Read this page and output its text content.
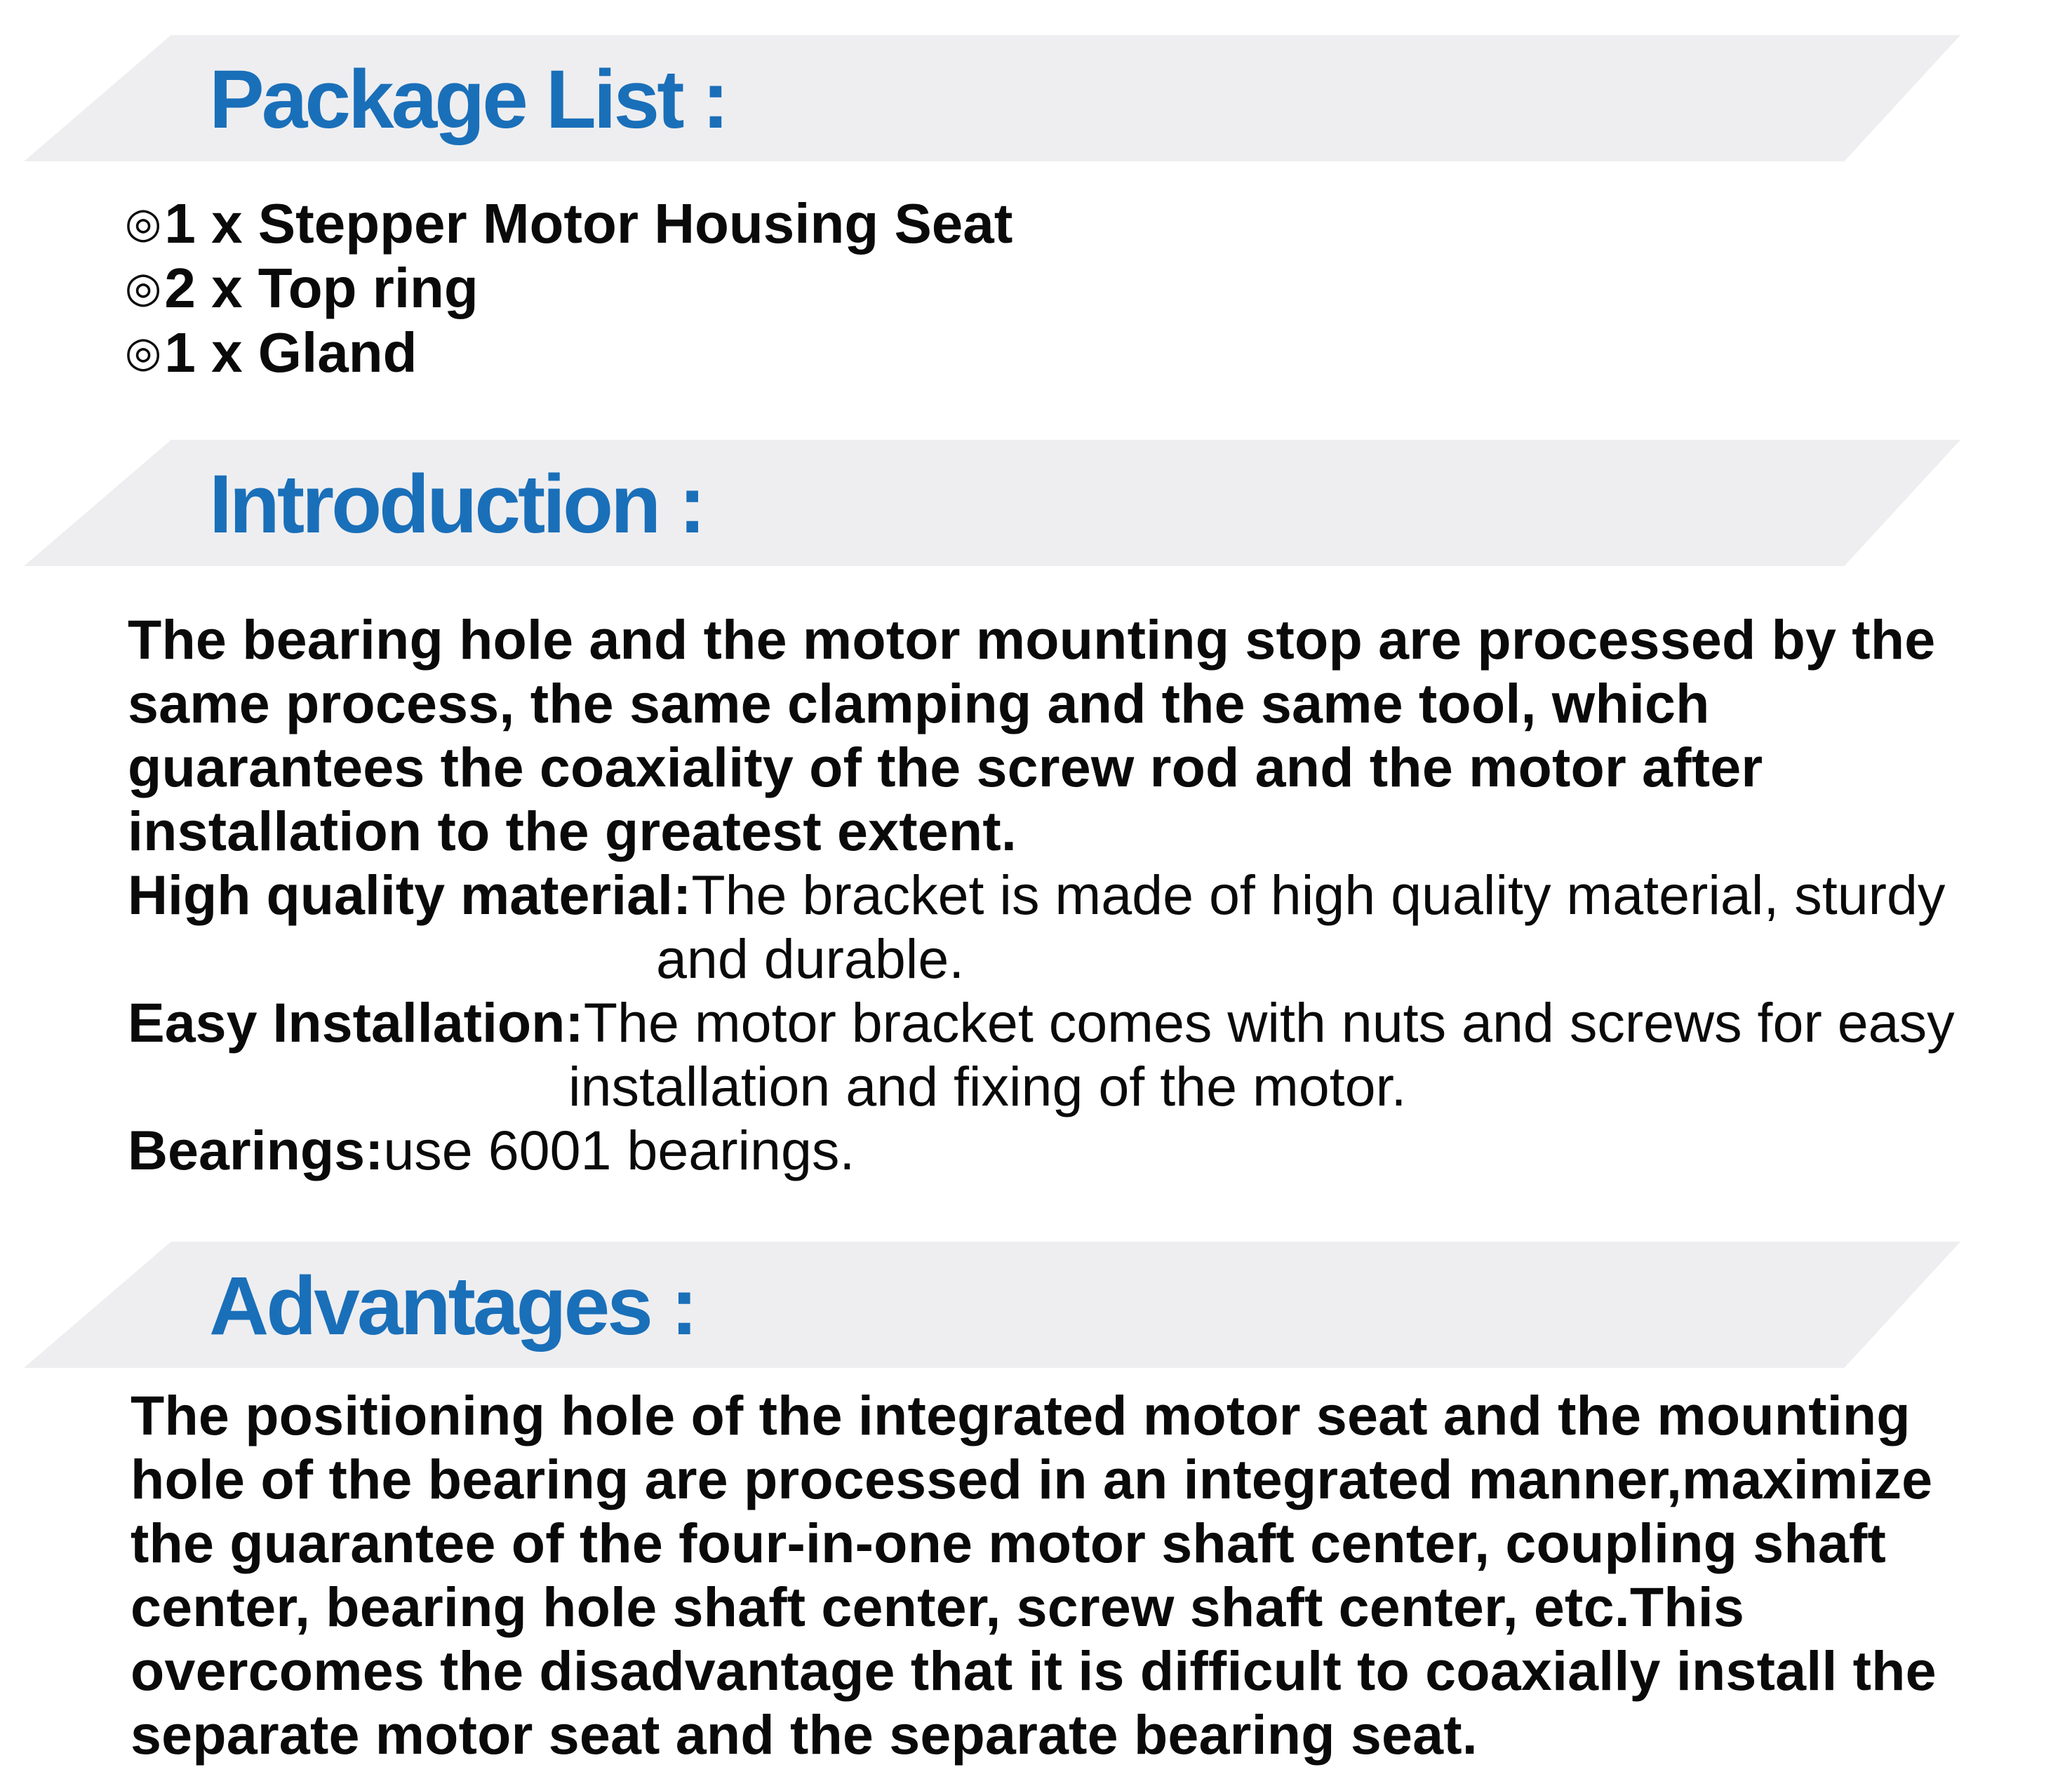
Package List :
◎1 x Stepper Motor Housing Seat
◎2 x Top ring
◎1 x Gland
Introduction :
The bearing hole and the motor mounting stop are processed by the
same process, the same clamping and the same tool, which
guarantees the coaxiality of the screw rod and the motor after
installation to the greatest extent.
High quality material:The bracket is made of high quality material, sturdy
and durable.
Easy Installation:The motor bracket comes with nuts and screws for easy
installation and fixing of the motor.
Bearings:use 6001 bearings.
Advantages :
The positioning hole of the integrated motor seat and the mounting
hole of the bearing are processed in an integrated manner,maximize
the guarantee of the four-in-one motor shaft center, coupling shaft
center, bearing hole shaft center, screw shaft center, etc.This
overcomes the disadvantage that it is difficult to coaxially install the
separate motor seat and the separate bearing seat.
